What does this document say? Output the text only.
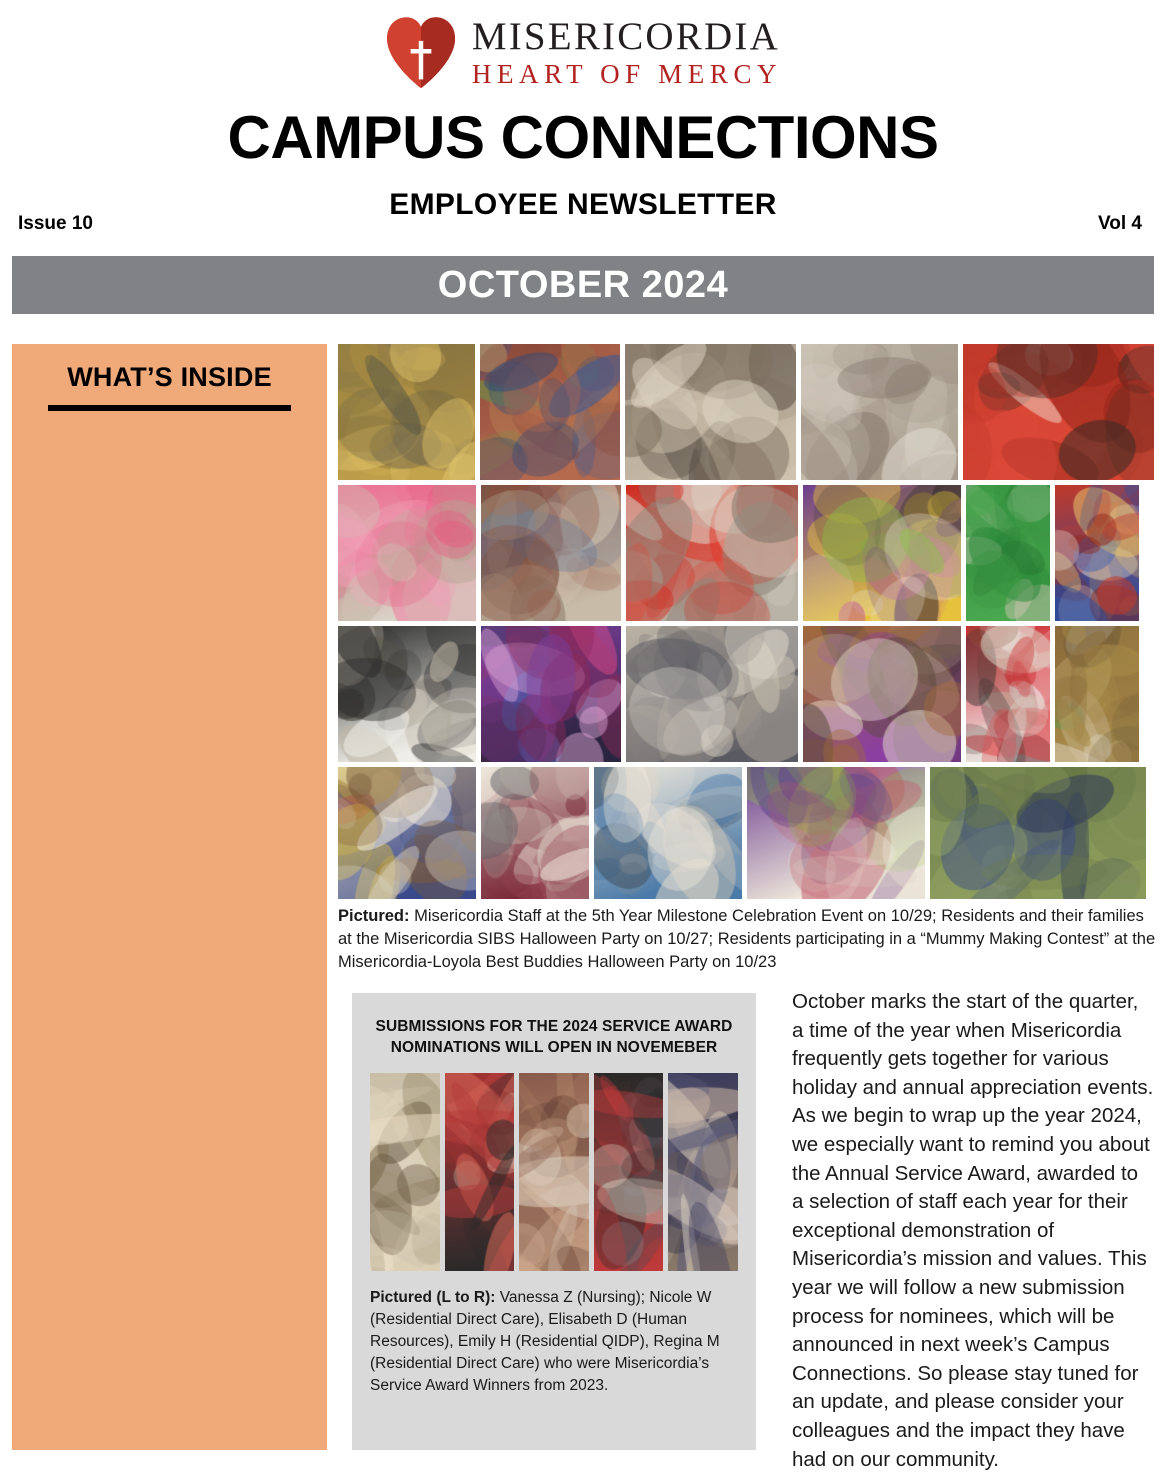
MISERICORDIA
HEART OF MERCY
CAMPUS CONNECTIONS
EMPLOYEE NEWSLETTER
Issue 10	Vol 4
OCTOBER 2024
WHAT’S INSIDE
Pictured: Misericordia Staff at the 5th Year Milestone Celebration Event on 10/29; Residents and their families at the Misericordia SIBS Halloween Party on 10/27; Residents participating in a “Mummy Making Contest” at the Misericordia-Loyola Best Buddies Halloween Party on 10/23
SUBMISSIONS FOR THE 2024 SERVICE AWARD NOMINATIONS WILL OPEN IN NOVEMEBER
Pictured (L to R): Vanessa Z (Nursing); Nicole W (Residential Direct Care), Elisabeth D (Human Resources), Emily H (Residential QIDP), Regina M (Residential Direct Care) who were Misericordia’s Service Award Winners from 2023.
October marks the start of the quarter, a time of the year when Misericordia frequently gets together for various holiday and annual appreciation events. As we begin to wrap up the year 2024, we especially want to remind you about the Annual Service Award, awarded to a selection of staff each year for their exceptional demonstration of Misericordia’s mission and values. This year we will follow a new submission process for nominees, which will be announced in next week’s Campus Connections. So please stay tuned for an update, and please consider your colleagues and the impact they have had on our community.
